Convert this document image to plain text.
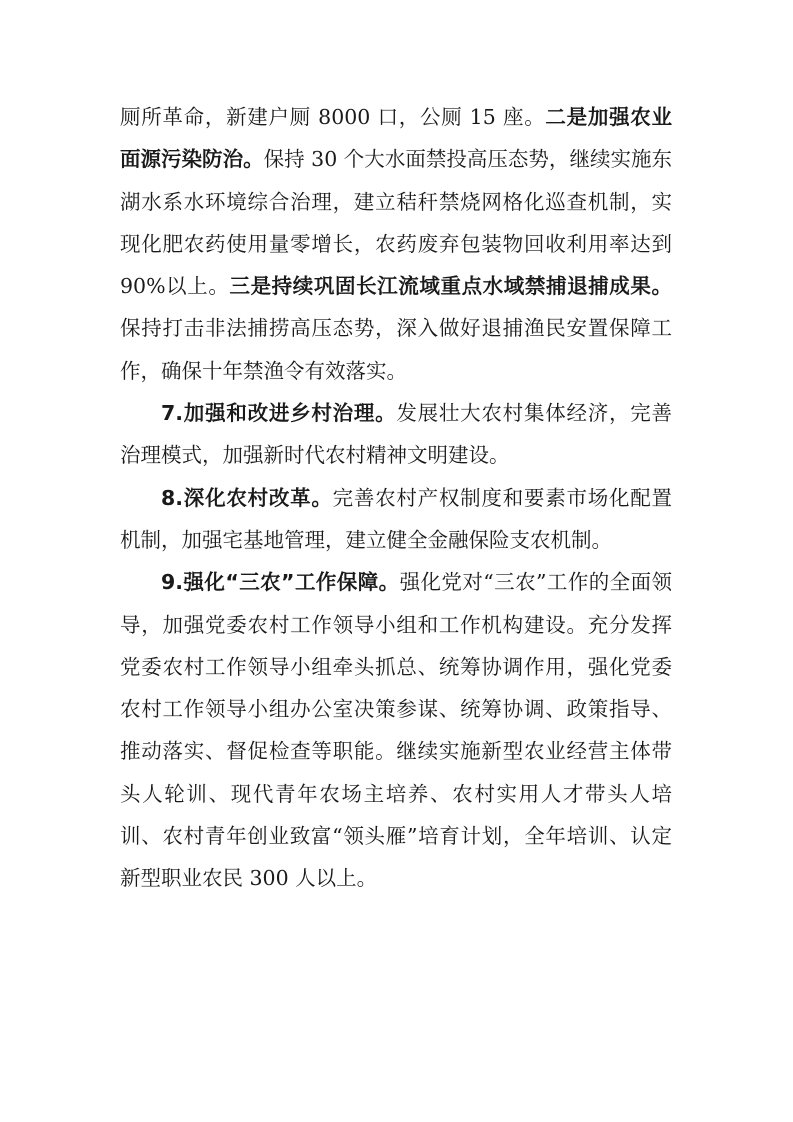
厕所革命，新建户厕 8000 口，公厕 15 座。二是加强农业面源污染防治。保持 30 个大水面禁投高压态势，继续实施东湖水系水环境综合治理，建立秸秆禁烧网格化巡查机制，实现化肥农药使用量零增长，农药废弃包装物回收利用率达到 90%以上。三是持续巩固长江流域重点水域禁捕退捕成果。保持打击非法捕捞高压态势，深入做好退捕渔民安置保障工作，确保十年禁渔令有效落实。

7.加强和改进乡村治理。发展壮大农村集体经济，完善治理模式，加强新时代农村精神文明建设。

8.深化农村改革。完善农村产权制度和要素市场化配置机制，加强宅基地管理，建立健全金融保险支农机制。

9.强化“三农”工作保障。强化党对“三农”工作的全面领导，加强党委农村工作领导小组和工作机构建设。充分发挥党委农村工作领导小组牵头抓总、统筹协调作用，强化党委农村工作领导小组办公室决策参谋、统筹协调、政策指导、推动落实、督促检查等职能。继续实施新型农业经营主体带头人轮训、现代青年农场主培养、农村实用人才带头人培训、农村青年创业致富“领头雁”培育计划，全年培训、认定新型职业农民 300 人以上。
